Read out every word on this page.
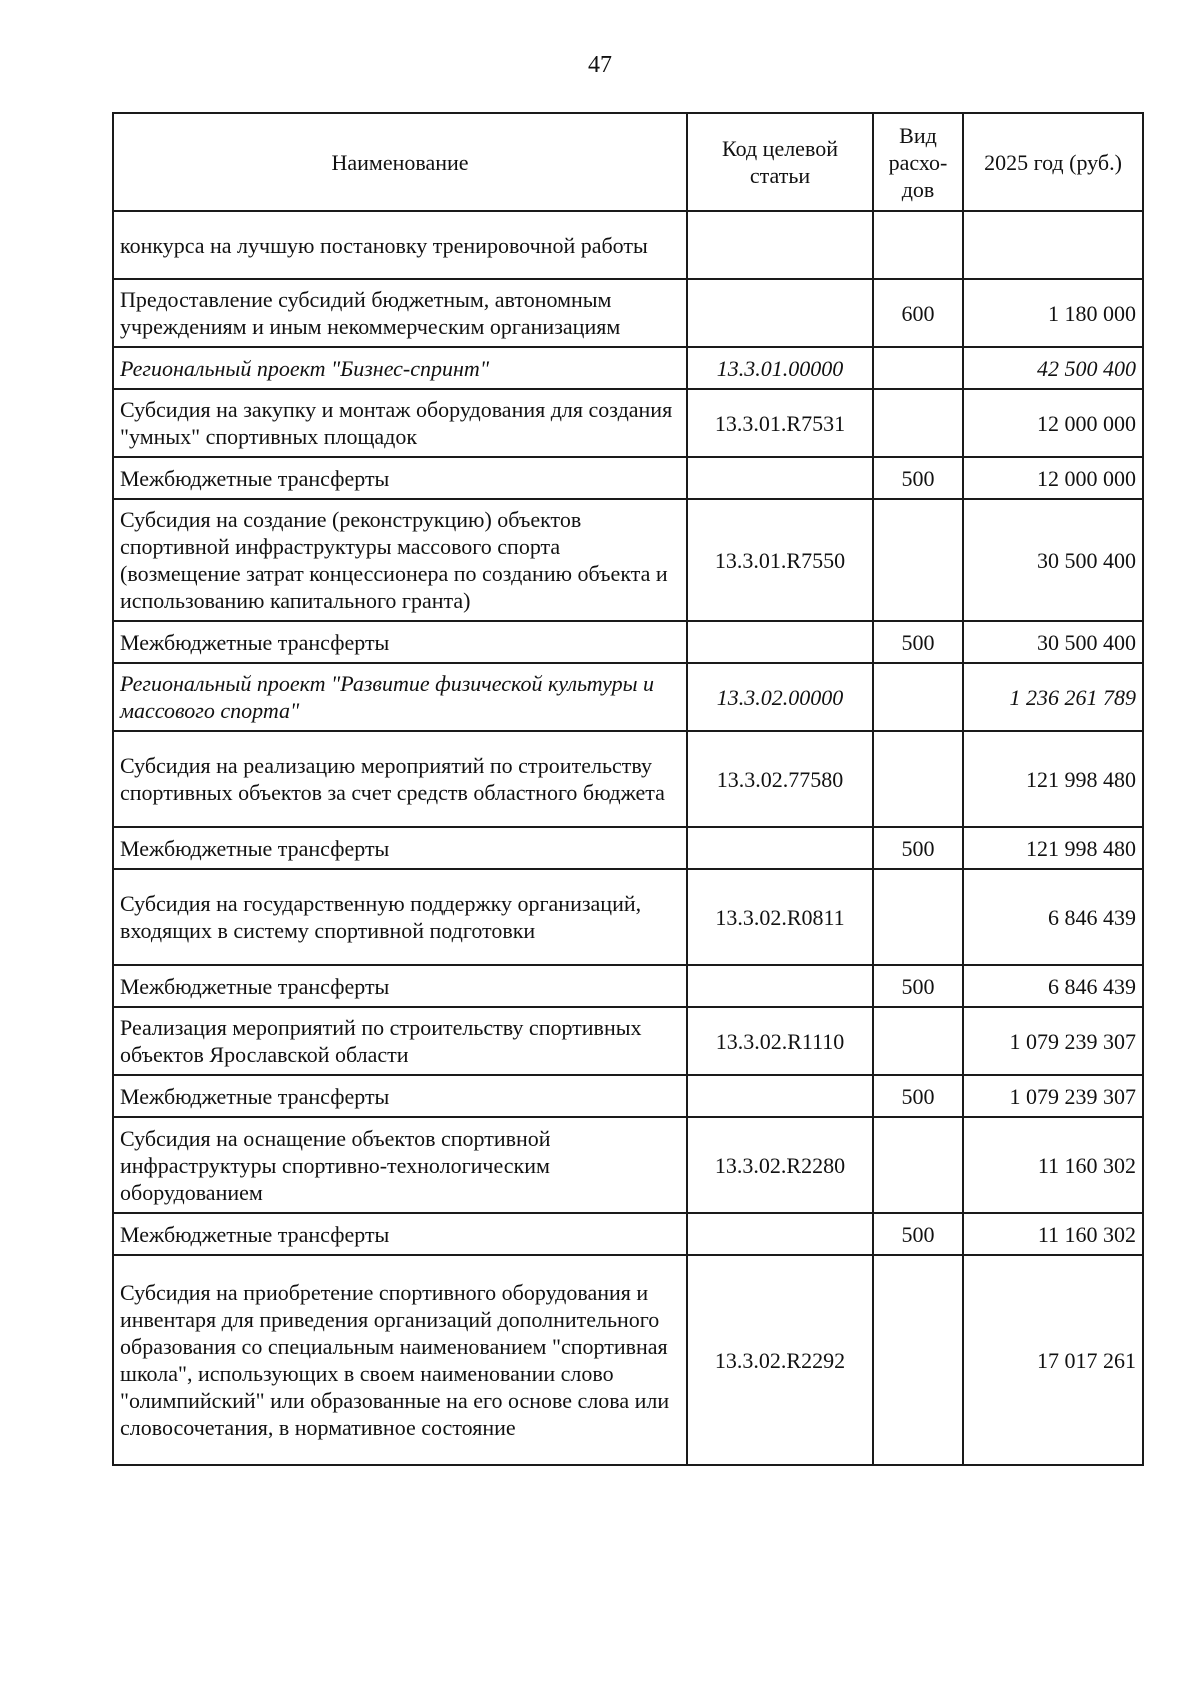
47
Наименование	Код целевой статьи	Вид расхо-дов	2025 год (руб.)
конкурса на лучшую постановку тренировочной работы			
Предоставление субсидий бюджетным, автономным учреждениям и иным некоммерческим организациям		600	1 180 000
Региональный проект "Бизнес-спринт"	13.3.01.00000		42 500 400
Субсидия на закупку и монтаж оборудования для создания "умных" спортивных площадок	13.3.01.R7531		12 000 000
Межбюджетные трансферты		500	12 000 000
Субсидия на создание (реконструкцию) объектов спортивной инфраструктуры массового спорта (возмещение затрат концессионера по созданию объекта и использованию капитального гранта)	13.3.01.R7550		30 500 400
Межбюджетные трансферты		500	30 500 400
Региональный проект "Развитие физической культуры и массового спорта"	13.3.02.00000		1 236 261 789
Субсидия на реализацию мероприятий по строительству спортивных объектов за счет средств областного бюджета	13.3.02.77580		121 998 480
Межбюджетные трансферты		500	121 998 480
Субсидия на государственную поддержку организаций, входящих в систему спортивной подготовки	13.3.02.R0811		6 846 439
Межбюджетные трансферты		500	6 846 439
Реализация мероприятий по строительству спортивных объектов Ярославской области	13.3.02.R1110		1 079 239 307
Межбюджетные трансферты		500	1 079 239 307
Субсидия на оснащение объектов спортивной инфраструктуры спортивно-технологическим оборудованием	13.3.02.R2280		11 160 302
Межбюджетные трансферты		500	11 160 302
Субсидия на приобретение спортивного оборудования и инвентаря для приведения организаций дополнительного образования со специальным наименованием "спортивная школа", использующих в своем наименовании слово "олимпийский" или образованные на его основе слова или словосочетания, в нормативное состояние	13.3.02.R2292		17 017 261
